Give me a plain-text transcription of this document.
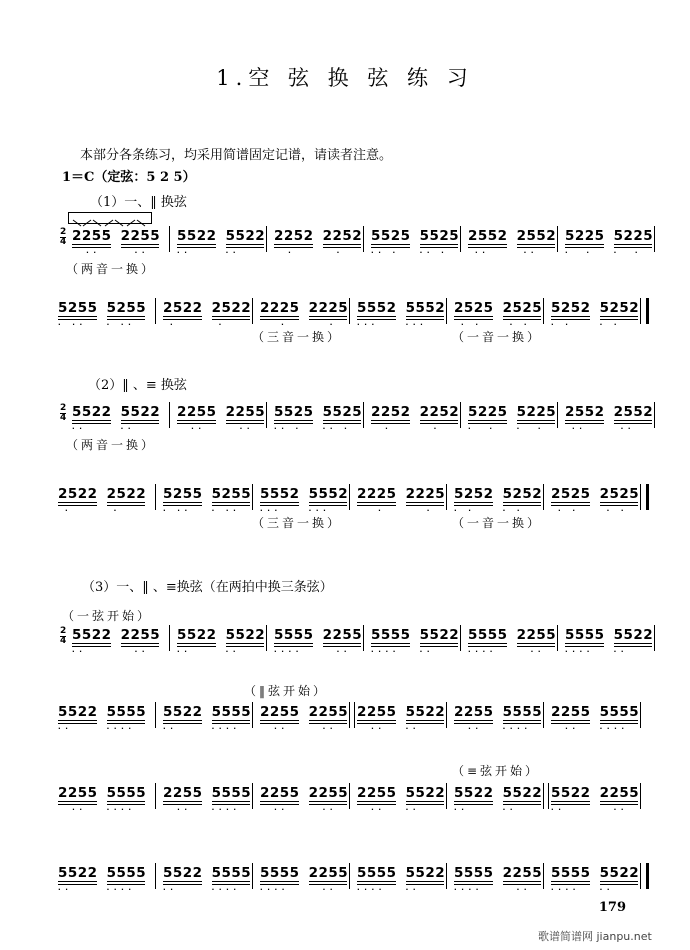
1.空 弦 换 弦 练 习
本部分各条练习，均采用简谱固定记谱，请读者注意。
1＝C（定弦：5 2 5）
（1）一、‖ 换弦
（2）‖ 、≡ 换弦
（3）一、‖ 、≡换弦（在两拍中换三条弦）
2
4
2
4
2
4
2255
··
2255
··
5522
··
5522
··
2252
·
2252
·
5525
·· ·
5525
·· ·
2552
··
2552
··
5225
·  ·
5225
·  ·
5255
· ··
5255
· ··
2522
·
2522
·
2225
·
2225
·
5552
···
5552
···
2525
· ·
2525
· ·
5252
· ·
5252
· ·
5522
··
5522
··
2255
··
2255
··
5525
·· ·
5525
·· ·
2252
·
2252
·
5225
·  ·
5225
·  ·
2552
··
2552
··
2522
·
2522
·
5255
· ··
5255
· ··
5552
···
5552
···
2225
·
2225
·
5252
· ·
5252
· ·
2525
· ·
2525
· ·
5522
··
2255
··
5522
··
5522
··
5555
····
2255
··
5555
····
5522
··
5555
····
2255
··
5555
····
5522
··
5522
··
5555
····
5522
··
5555
····
2255
··
2255
··
2255
··
5522
··
2255
··
5555
····
2255
··
5555
····
2255
··
5555
····
2255
··
5555
····
2255
··
2255
··
2255
··
5522
··
5522
··
5522
··
5522
··
2255
··
5522
··
5555
····
5522
··
5555
····
5555
····
2255
··
5555
····
5522
··
5555
····
2255
··
5555
····
5522
··
（两音一换）
（三音一换）	（一音一换）
（两音一换）
（三音一换）	（一音一换）
（一弦开始）
（‖弦开始）
（≡弦开始）
179
歌谱简谱网 jianpu.net
